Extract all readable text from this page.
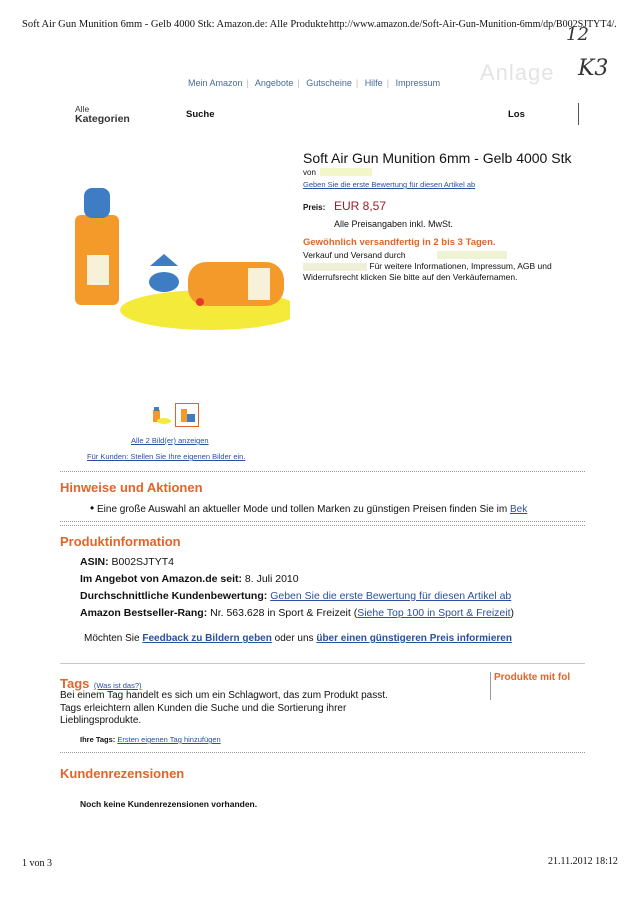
Soft Air Gun Munition 6mm - Gelb 4000 Stk: Amazon.de: Alle Produkte http://www.amazon.de/Soft-Air-Gun-Munition-6mm/dp/B002SJTYT4/.
12
K3
Anlage
Mein Amazon | Angebote | Gutscheine | Hilfe | Impressum
Alle
Kategorien	Suche	Los
Soft Air Gun Munition 6mm - Gelb 4000 Stk
von
Geben Sie die erste Bewertung für diesen Artikel ab
Preis: EUR 8,57
Alle Preisangaben inkl. MwSt.
Gewöhnlich versandfertig in 2 bis 3 Tagen.
Verkauf und Versand durch
Für weitere Informationen, Impressum, AGB und
Widerrufsrecht klicken Sie bitte auf den Verkäufernamen.
Alle 2 Bild(er) anzeigen
Für Kunden: Stellen Sie Ihre eigenen Bilder ein.
Hinweise und Aktionen
• Eine große Auswahl an aktueller Mode und tollen Marken zu günstigen Preisen finden Sie im Bek
Produktinformation
ASIN: B002SJTYT4
Im Angebot von Amazon.de seit: 8. Juli 2010
Durchschnittliche Kundenbewertung: Geben Sie die erste Bewertung für diesen Artikel ab
Amazon Bestseller-Rang: Nr. 563.628 in Sport & Freizeit (Siehe Top 100 in Sport & Freizeit)
Möchten Sie Feedback zu Bildern geben oder uns über einen günstigeren Preis informieren
Tags (Was ist das?)
Bei einem Tag handelt es sich um ein Schlagwort, das zum Produkt passt.
Tags erleichtern allen Kunden die Suche und die Sortierung ihrer
Lieblingsprodukte.
Ihre Tags: Ersten eigenen Tag hinzufügen
Produkte mit fol
Kundenrezensionen
Noch keine Kundenrezensionen vorhanden.
1 von 3	21.11.2012 18:12
